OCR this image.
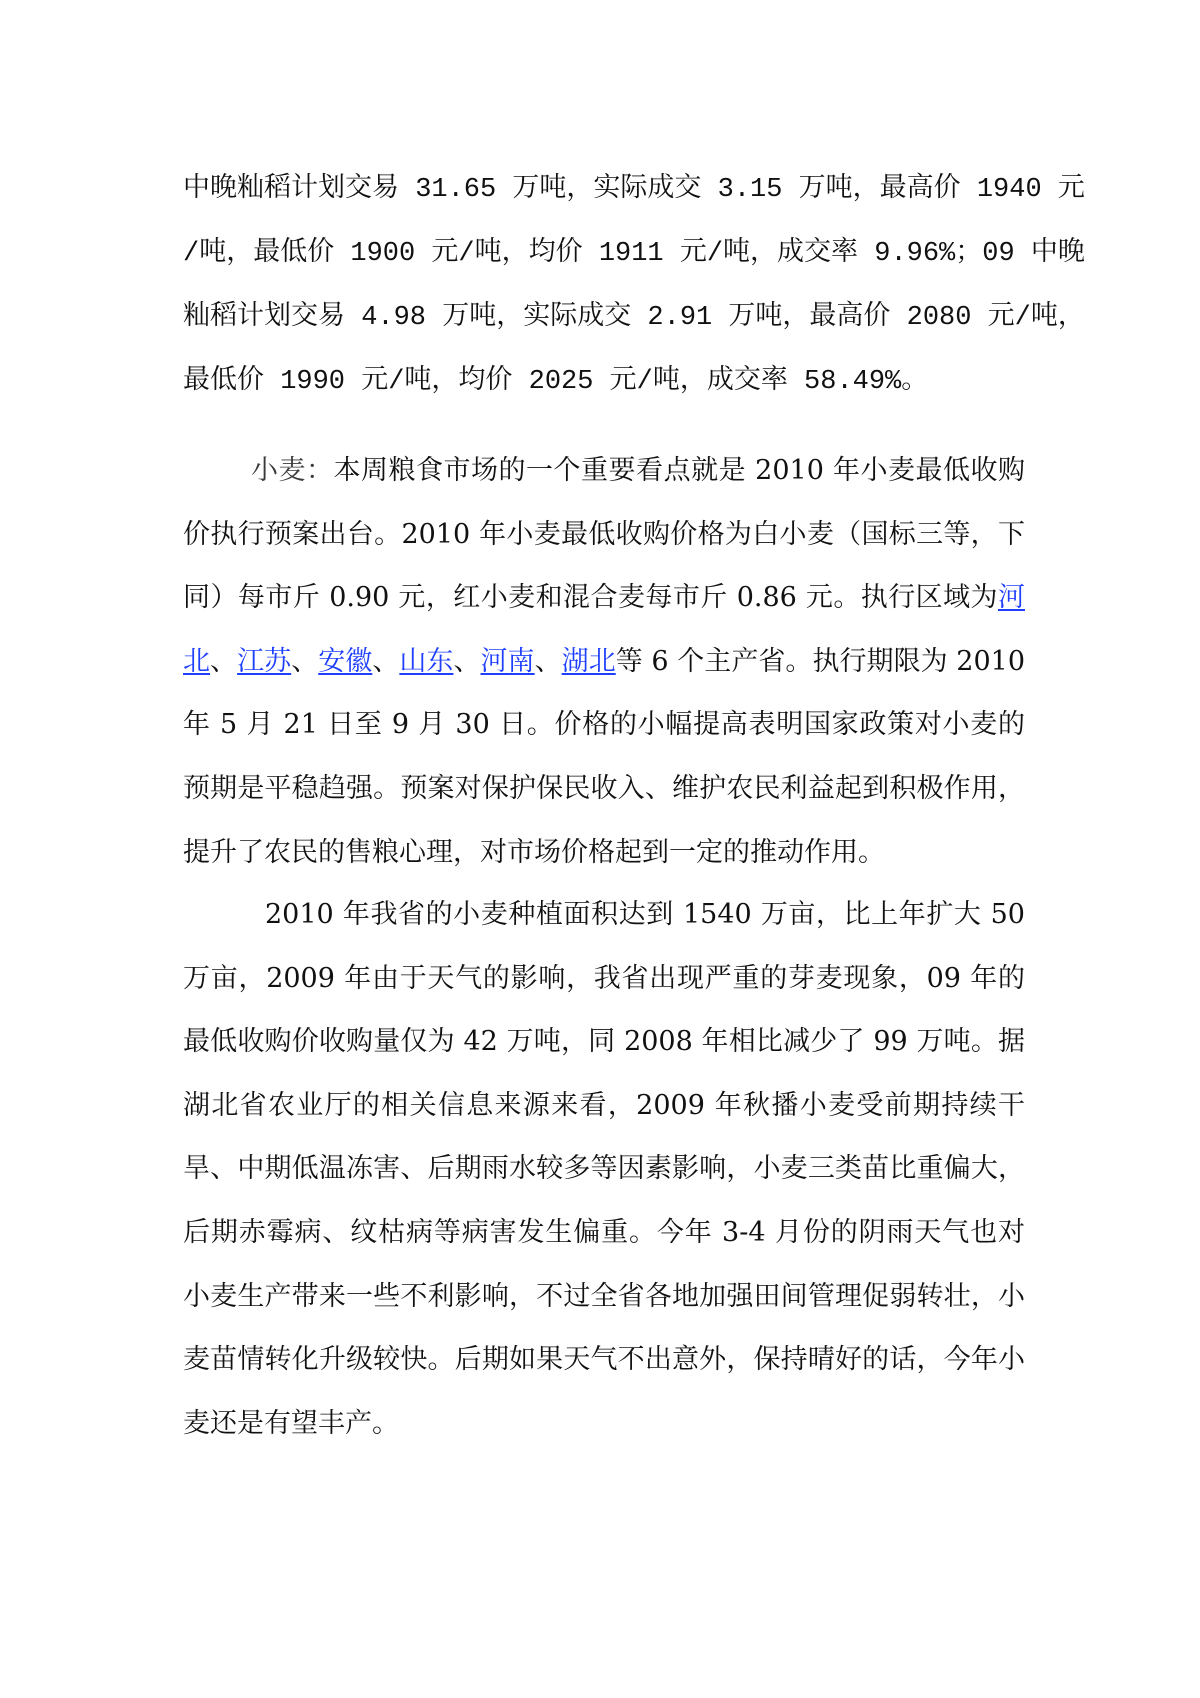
中晚籼稻计划交易 31.65 万吨，实际成交 3.15 万吨，最高价 1940 元
/吨，最低价 1900 元/吨，均价 1911 元/吨，成交率 9.96%；09 中晚
籼稻计划交易 4.98 万吨，实际成交 2.91 万吨，最高价 2080 元/吨，
最低价 1990 元/吨，均价 2025 元/吨，成交率 58.49%。

小麦：本周粮食市场的一个重要看点就是 2010 年小麦最低收购价执行预案出台。2010 年小麦最低收购价格为白小麦（国标三等，下同）每市斤 0.90 元，红小麦和混合麦每市斤 0.86 元。执行区域为河北、江苏、安徽、山东、河南、湖北等 6 个主产省。执行期限为 2010 年 5 月 21 日至 9 月 30 日。价格的小幅提高表明国家政策对小麦的预期是平稳趋强。预案对保护保民收入、维护农民利益起到积极作用，提升了农民的售粮心理，对市场价格起到一定的推动作用。

2010 年我省的小麦种植面积达到 1540 万亩，比上年扩大 50 万亩，2009 年由于天气的影响，我省出现严重的芽麦现象，09 年的最低收购价收购量仅为 42 万吨，同 2008 年相比减少了 99 万吨。据湖北省农业厅的相关信息来源来看，2009 年秋播小麦受前期持续干旱、中期低温冻害、后期雨水较多等因素影响，小麦三类苗比重偏大，后期赤霉病、纹枯病等病害发生偏重。今年 3-4 月份的阴雨天气也对小麦生产带来一些不利影响，不过全省各地加强田间管理促弱转壮，小麦苗情转化升级较快。后期如果天气不出意外，保持晴好的话，今年小麦还是有望丰产。
